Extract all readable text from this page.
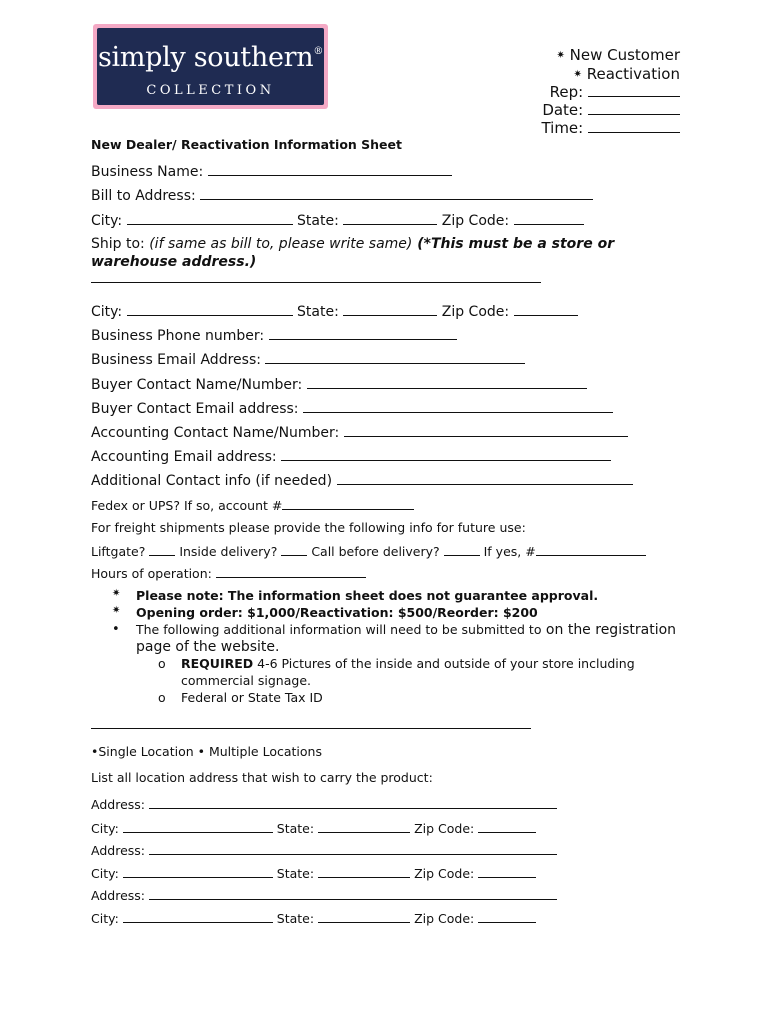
simply southern®
COLLECTION
✷ New Customer
✷ Reactivation
Rep:
Date:
Time:
New Dealer/ Reactivation Information Sheet
Business Name:
Bill to Address:
City:	State:	Zip Code:
Ship to: (if same as bill to, please write same) (*This must be a store or
warehouse address.)
City:	State:	Zip Code:
Business Phone number:
Business Email Address:
Buyer Contact Name/Number:
Buyer Contact Email address:
Accounting Contact Name/Number:
Accounting Email address:
Additional Contact info (if needed)
Fedex or UPS? If so, account #
For freight shipments please provide the following info for future use:
Liftgate?	Inside delivery?	Call before delivery?	If yes, #
Hours of operation:
✷ Please note: The information sheet does not guarantee approval.
✷ Opening order: $1,000/Reactivation: $500/Reorder: $200
• The following additional information will need to be submitted to on the registration
page of the website.
o REQUIRED 4-6 Pictures of the inside and outside of your store including
commercial signage.
o Federal or State Tax ID
•Single Location • Multiple Locations
List all location address that wish to carry the product:
Address:
City:	State:	Zip Code:
Address:
City:	State:	Zip Code:
Address:
City:	State:	Zip Code:
